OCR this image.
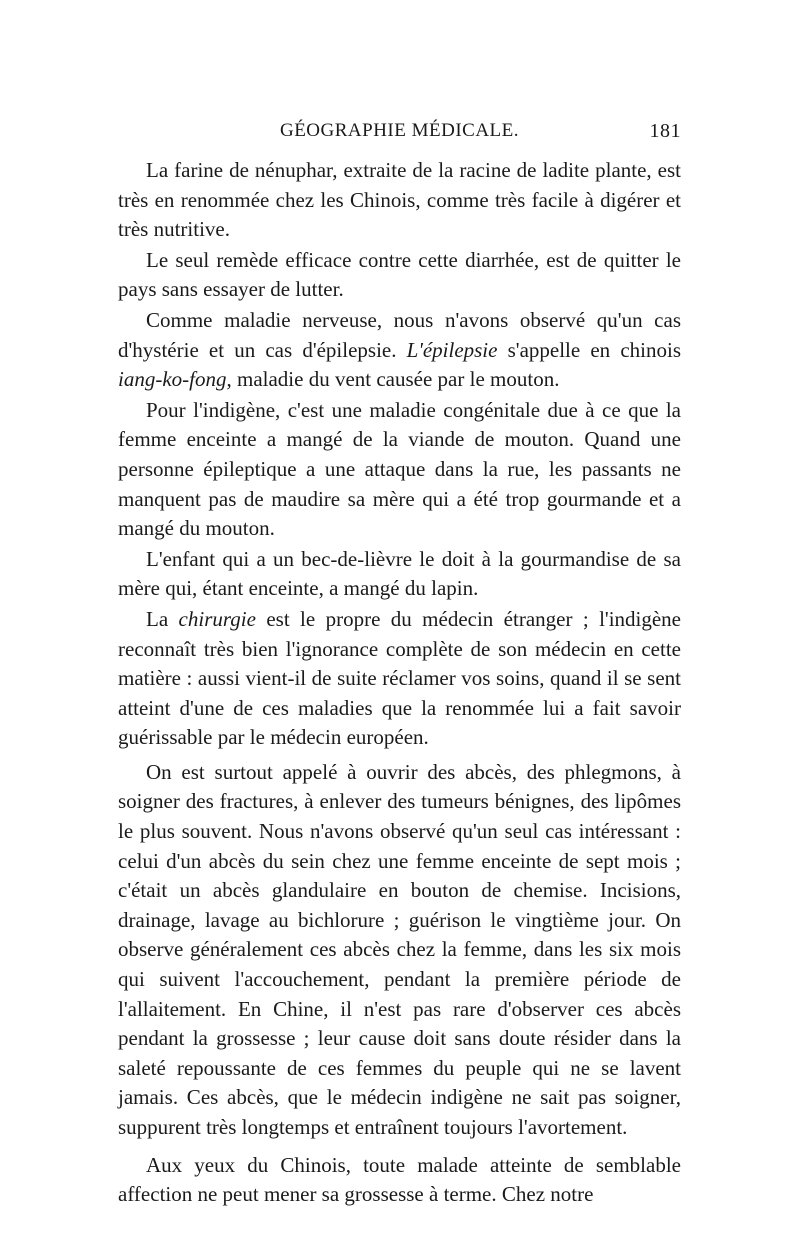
GÉOGRAPHIE MÉDICALE.	181

La farine de nénuphar, extraite de la racine de ladite plante, est très en renommée chez les Chinois, comme très facile à digérer et très nutritive.

Le seul remède efficace contre cette diarrhée, est de quitter le pays sans essayer de lutter.

Comme maladie nerveuse, nous n'avons observé qu'un cas d'hystérie et un cas d'épilepsie. L'épilepsie s'appelle en chinois iang-ko-fong, maladie du vent causée par le mouton.

Pour l'indigène, c'est une maladie congénitale due à ce que la femme enceinte a mangé de la viande de mouton. Quand une personne épileptique a une attaque dans la rue, les passants ne manquent pas de maudire sa mère qui a été trop gourmande et a mangé du mouton.

L'enfant qui a un bec-de-lièvre le doit à la gourmandise de sa mère qui, étant enceinte, a mangé du lapin.

La chirurgie est le propre du médecin étranger ; l'indigène reconnaît très bien l'ignorance complète de son médecin en cette matière : aussi vient-il de suite réclamer vos soins, quand il se sent atteint d'une de ces maladies que la renommée lui a fait savoir guérissable par le médecin européen.

On est surtout appelé à ouvrir des abcès, des phlegmons, à soigner des fractures, à enlever des tumeurs bénignes, des lipômes le plus souvent. Nous n'avons observé qu'un seul cas intéressant : celui d'un abcès du sein chez une femme enceinte de sept mois ; c'était un abcès glandulaire en bouton de chemise. Incisions, drainage, lavage au bichlorure ; guérison le vingtième jour. On observe généralement ces abcès chez la femme, dans les six mois qui suivent l'accouchement, pendant la première période de l'allaitement. En Chine, il n'est pas rare d'observer ces abcès pendant la grossesse ; leur cause doit sans doute résider dans la saleté repoussante de ces femmes du peuple qui ne se lavent jamais. Ces abcès, que le médecin indigène ne sait pas soigner, suppurent très longtemps et entraînent toujours l'avortement.

Aux yeux du Chinois, toute malade atteinte de semblable affection ne peut mener sa grossesse à terme. Chez notre
